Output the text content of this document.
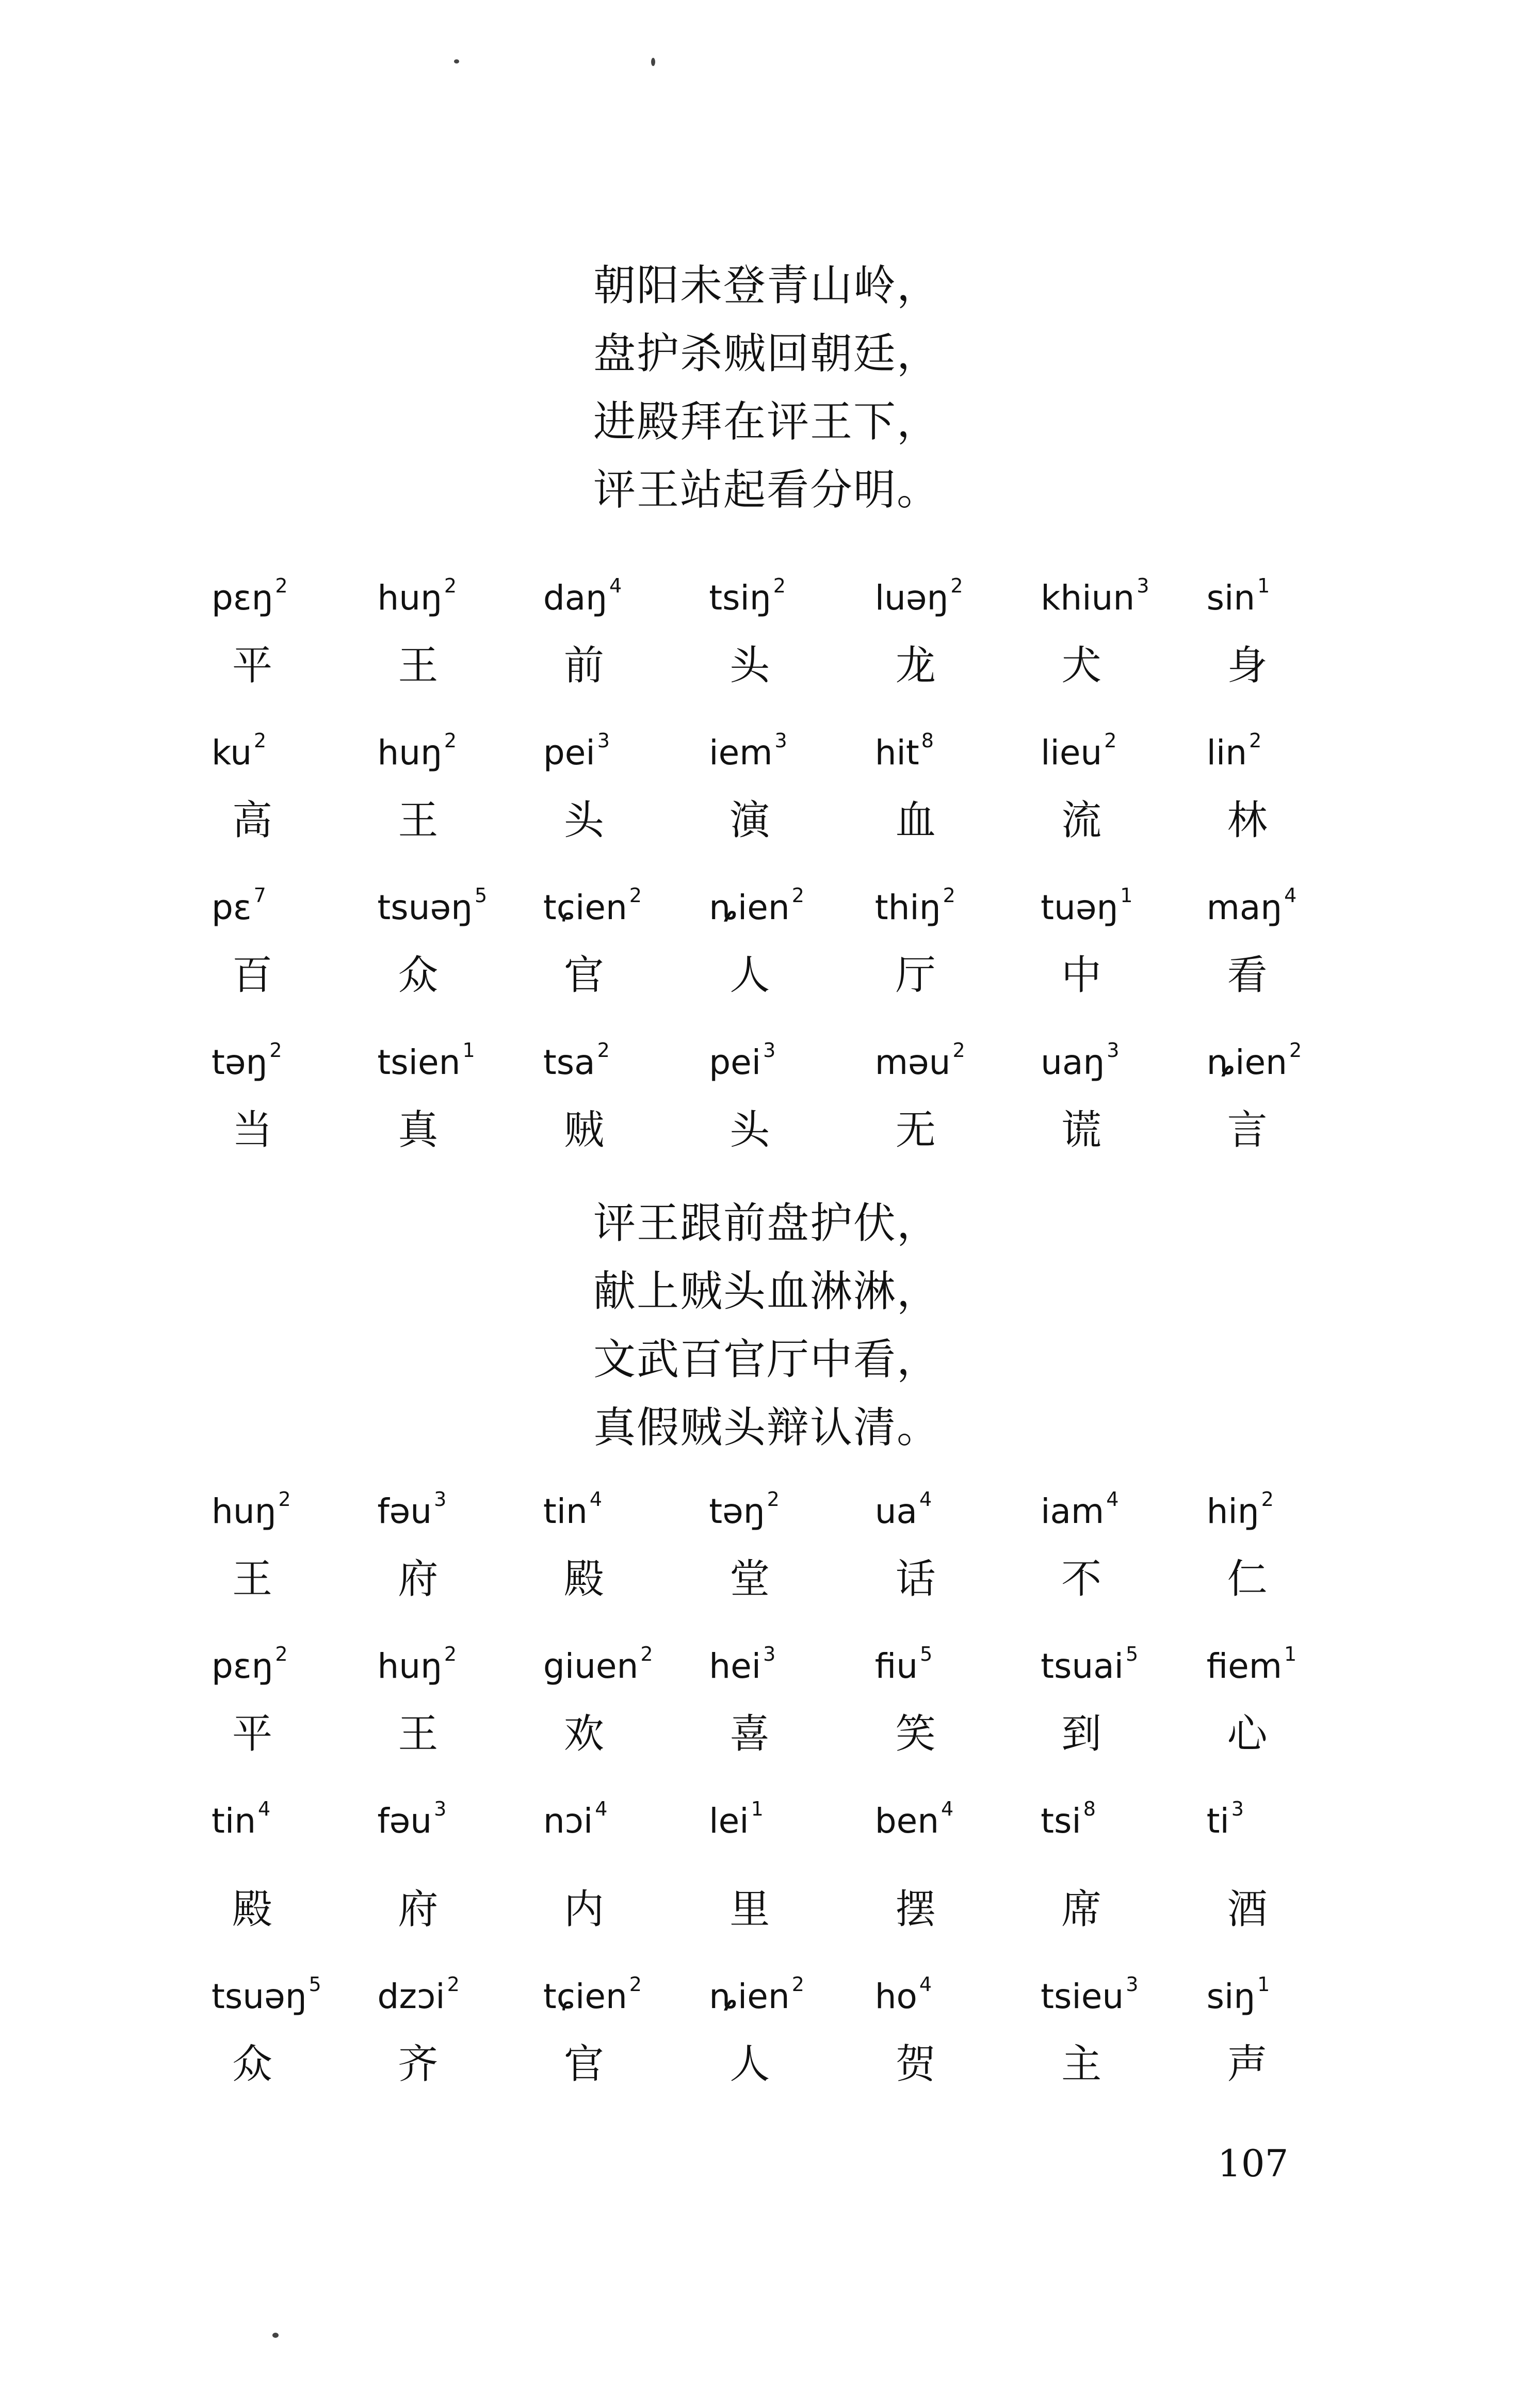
朝阳未登青山岭，
盘护杀贼回朝廷，
进殿拜在评王下，
评王站起看分明。
pɛŋ $^2$
平
huŋ $^2$
王
daŋ $^4$
前
tsiŋ $^2$
头
luəŋ $^2$
龙
khiun $^3$
犬
sin $^1$
身
ku $^2$
高
huŋ $^2$
王
pei $^3$
头
iem $^3$
演
hit $^8$
血
lieu $^2$
流
lin $^2$
林
pɛ $^7$
百
tsuəŋ $^5$
众
tɕien $^2$
官
ȵien $^2$
人
thiŋ $^2$
厅
tuəŋ $^1$
中
maŋ $^4$
看
təŋ $^2$
当
tsien $^1$
真
tsa $^2$
贼
pei $^3$
头
məu $^2$
无
uaŋ $^3$
谎
ȵien $^2$
言
评王跟前盘护伏，
献上贼头血淋淋，
文武百官厅中看，
真假贼头辩认清。
huŋ $^2$
王
fəu $^3$
府
tin $^4$
殿
təŋ $^2$
堂
ua $^4$
话
iam $^4$
不
hiŋ $^2$
仁
pɛŋ $^2$
平
huŋ $^2$
王
giuen $^2$
欢
hei $^3$
喜
fiu $^5$
笑
tsuai $^5$
到
fiem $^1$
心
tin $^4$
殿
fəu $^3$
府
nɔi $^4$
内
lei $^1$
里
ben $^4$
摆
tsi $^8$
席
ti $^3$
酒
tsuəŋ $^5$
众
dzɔi $^2$
齐
tɕien $^2$
官
ȵien $^2$
人
ho $^4$
贺
tsieu $^3$
主
siŋ $^1$
声
107
